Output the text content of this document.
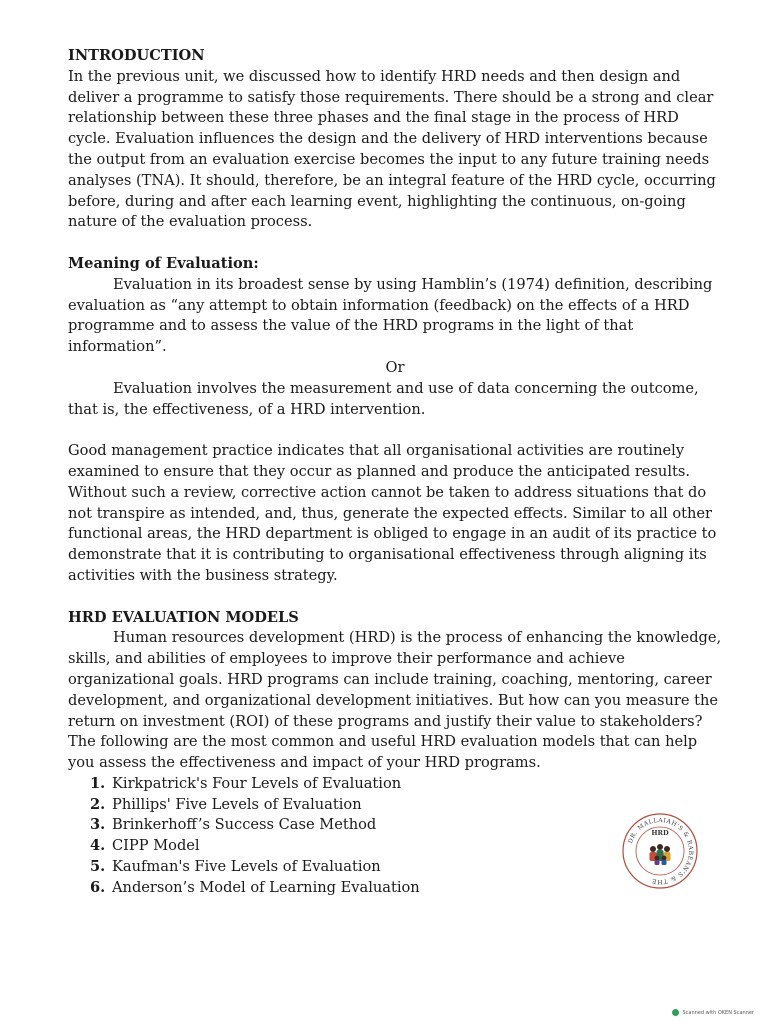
INTRODUCTION

In the previous unit, we discussed how to identify HRD needs and then design and deliver a programme to satisfy those requirements. There should be a strong and clear relationship between these three phases and the final stage in the process of HRD cycle. Evaluation influences the design and the delivery of HRD interventions because the output from an evaluation exercise becomes the input to any future training needs analyses (TNA). It should, therefore, be an integral feature of the HRD cycle, occurring before, during and after each learning event, highlighting the continuous, on-going nature of the evaluation process.

Meaning of Evaluation:

Evaluation in its broadest sense by using Hamblin’s (1974) definition, describing evaluation as “any attempt to obtain information (feedback) on the effects of a HRD programme and to assess the value of the HRD programs in the light of that information”.

Or

Evaluation involves the measurement and use of data concerning the outcome, that is, the effectiveness, of a HRD intervention.

Good management practice indicates that all organisational activities are routinely examined to ensure that they occur as planned and produce the anticipated results. Without such a review, corrective action cannot be taken to address situations that do not transpire as intended, and, thus, generate the expected effects. Similar to all other functional areas, the HRD department is obliged to engage in an audit of its practice to demonstrate that it is contributing to organisational effectiveness through aligning its activities with the business strategy.

HRD EVALUATION MODELS

Human resources development (HRD) is the process of enhancing the knowledge, skills, and abilities of employees to improve their performance and achieve organizational goals. HRD programs can include training, coaching, mentoring, career development, and organizational development initiatives. But how can you measure the return on investment (ROI) of these programs and justify their value to stakeholders? The following are the most common and useful HRD evaluation models that can help you assess the effectiveness and impact of your HRD programs.

1. Kirkpatrick's Four Levels of Evaluation
2. Phillips' Five Levels of Evaluation
3. Brinkerhoff’s Success Case Method
4. CIPP Model
5. Kaufman's Five Levels of Evaluation
6. Anderson’s Model of Learning Evaluation
DR. MALLAIAH'S & RABEAN'S & THE
HRD
Scanned with OKEN Scanner
